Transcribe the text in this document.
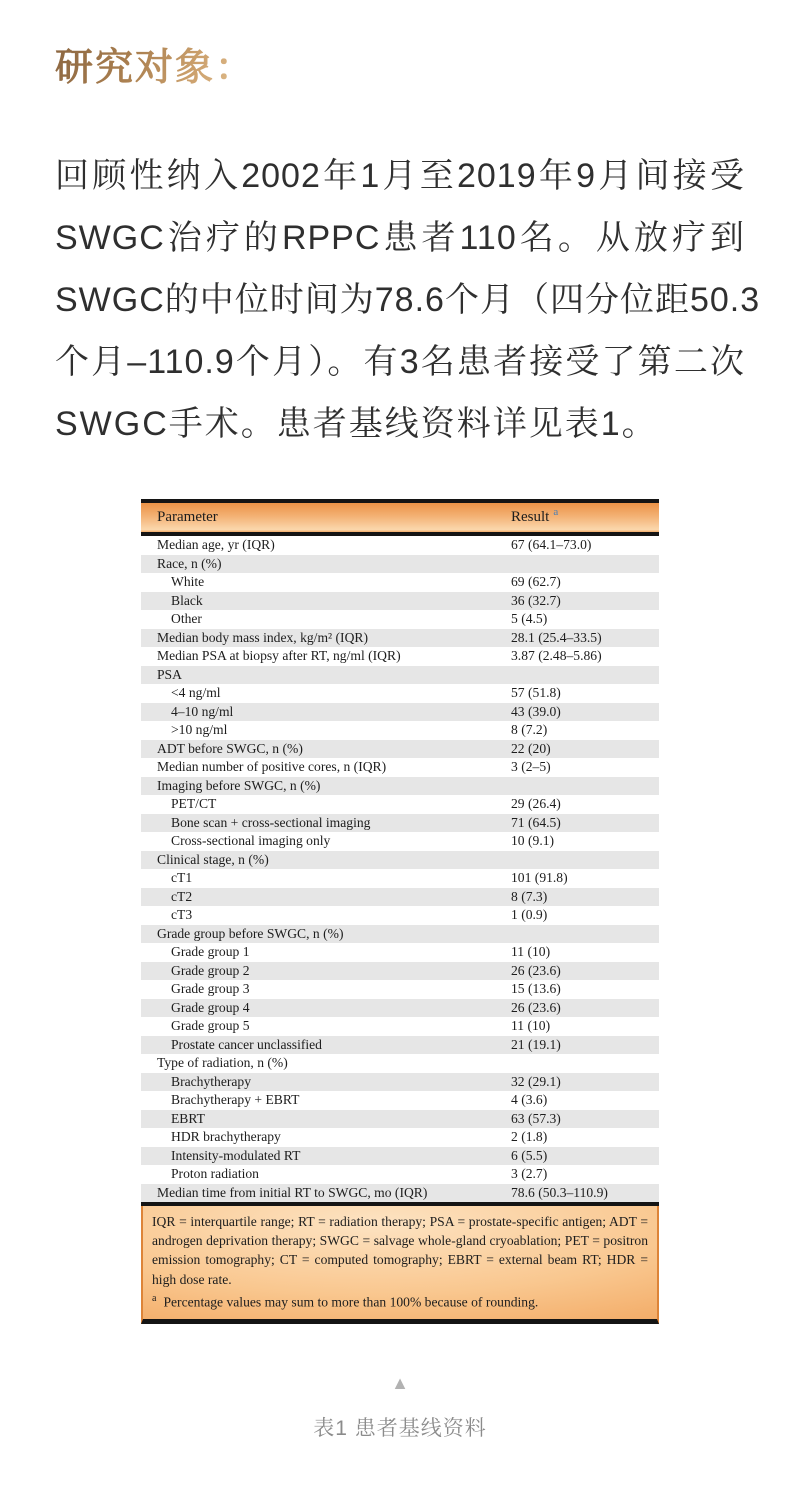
研究对象：
回顾性纳入2002年1月至2019年9月间接受
SWGC治疗的RPPC患者110名。从放疗到
SWGC的中位时间为78.6个月（四分位距50.3
个月–110.9个月）。有3名患者接受了第二次
SWGC手术。患者基线资料详见表1。
Parameter	Result $^a$
Median age, yr (IQR)	67 (64.1–73.0)
Race, n (%)
White	69 (62.7)
Black	36 (32.7)
Other	5 (4.5)
Median body mass index, kg/m² (IQR)	28.1 (25.4–33.5)
Median PSA at biopsy after RT, ng/ml (IQR)	3.87 (2.48–5.86)
PSA
<4 ng/ml	57 (51.8)
4–10 ng/ml	43 (39.0)
>10 ng/ml	8 (7.2)
ADT before SWGC, n (%)	22 (20)
Median number of positive cores, n (IQR)	3 (2–5)
Imaging before SWGC, n (%)
PET/CT	29 (26.4)
Bone scan + cross-sectional imaging	71 (64.5)
Cross-sectional imaging only	10 (9.1)
Clinical stage, n (%)
cT1	101 (91.8)
cT2	8 (7.3)
cT3	1 (0.9)
Grade group before SWGC, n (%)
Grade group 1	11 (10)
Grade group 2	26 (23.6)
Grade group 3	15 (13.6)
Grade group 4	26 (23.6)
Grade group 5	11 (10)
Prostate cancer unclassified	21 (19.1)
Type of radiation, n (%)
Brachytherapy	32 (29.1)
Brachytherapy + EBRT	4 (3.6)
EBRT	63 (57.3)
HDR brachytherapy	2 (1.8)
Intensity-modulated RT	6 (5.5)
Proton radiation	3 (2.7)
Median time from initial RT to SWGC, mo (IQR)	78.6 (50.3–110.9)
IQR = interquartile range; RT = radiation therapy; PSA = prostate-specific antigen; ADT = androgen deprivation therapy; SWGC = salvage whole-gland cryoablation; PET = positron emission tomography; CT = computed tomography; EBRT = external beam RT; HDR = high dose rate.
$^a$ Percentage values may sum to more than 100% because of rounding.
▲
表1 患者基线资料
